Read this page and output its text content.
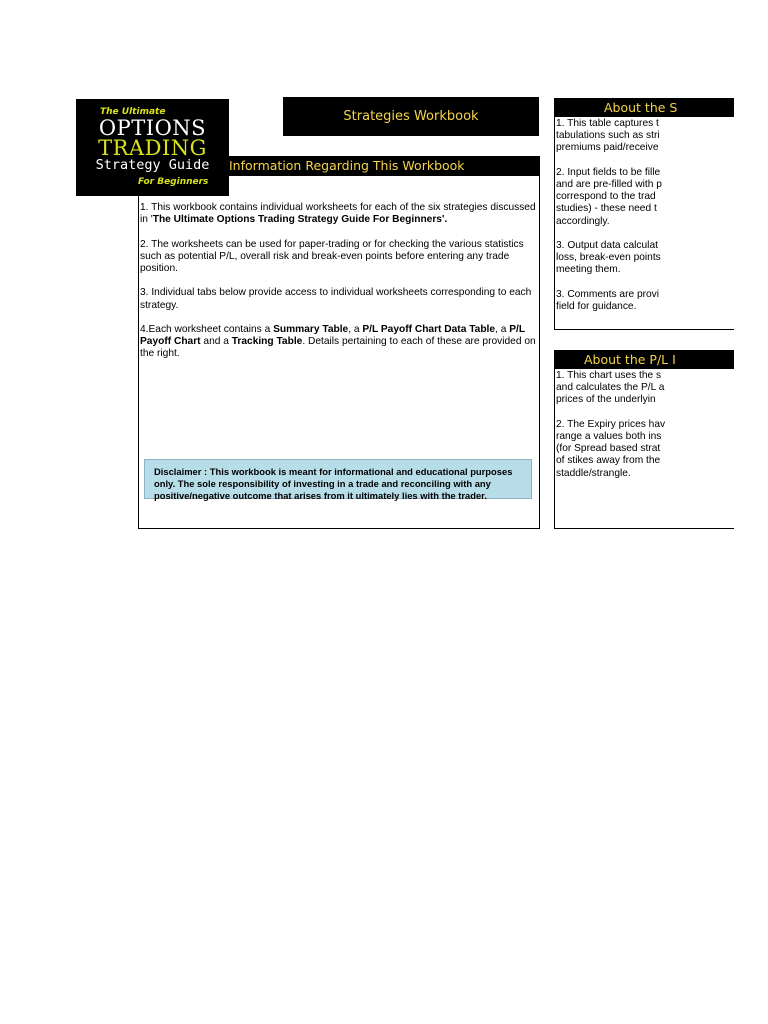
The Ultimate
OPTIONS
TRADING
Strategy Guide
For Beginners
Strategies Workbook
Information Regarding This Workbook

1. This workbook contains individual worksheets for each of the six strategies discussed in 'The Ultimate Options Trading Strategy Guide For Beginners'.

2. The worksheets can be used for paper-trading or for checking the various statistics such as potential P/L, overall risk and break-even points before entering any trade position.

3. Individual tabs below provide access to individual worksheets corresponding to each strategy.

4.Each worksheet contains a Summary Table, a P/L Payoff Chart Data Table, a P/L Payoff Chart and a Tracking Table. Details pertaining to each of these are provided on the right.

Disclaimer : This workbook is meant for informational and educational purposes only. The sole responsibility of investing in a trade and reconciling with any positive/negative outcome that arises from it ultimately lies with the trader.
About the S
1. This table captures t
tabulations such as stri
premiums paid/receive
2. Input fields to be fille
and are pre-filled with p
correspond to the trad
studies) - these need t
accordingly.
3. Output data calculat
loss, break-even points
meeting them.
3. Comments are provi
field for guidance.
About the P/L I
1. This chart uses the s
and calculates the P/L a
prices of the underlyin
2. The Expiry prices hav
range a values both ins
(for Spread based strat
of stikes away from the
staddle/strangle.
